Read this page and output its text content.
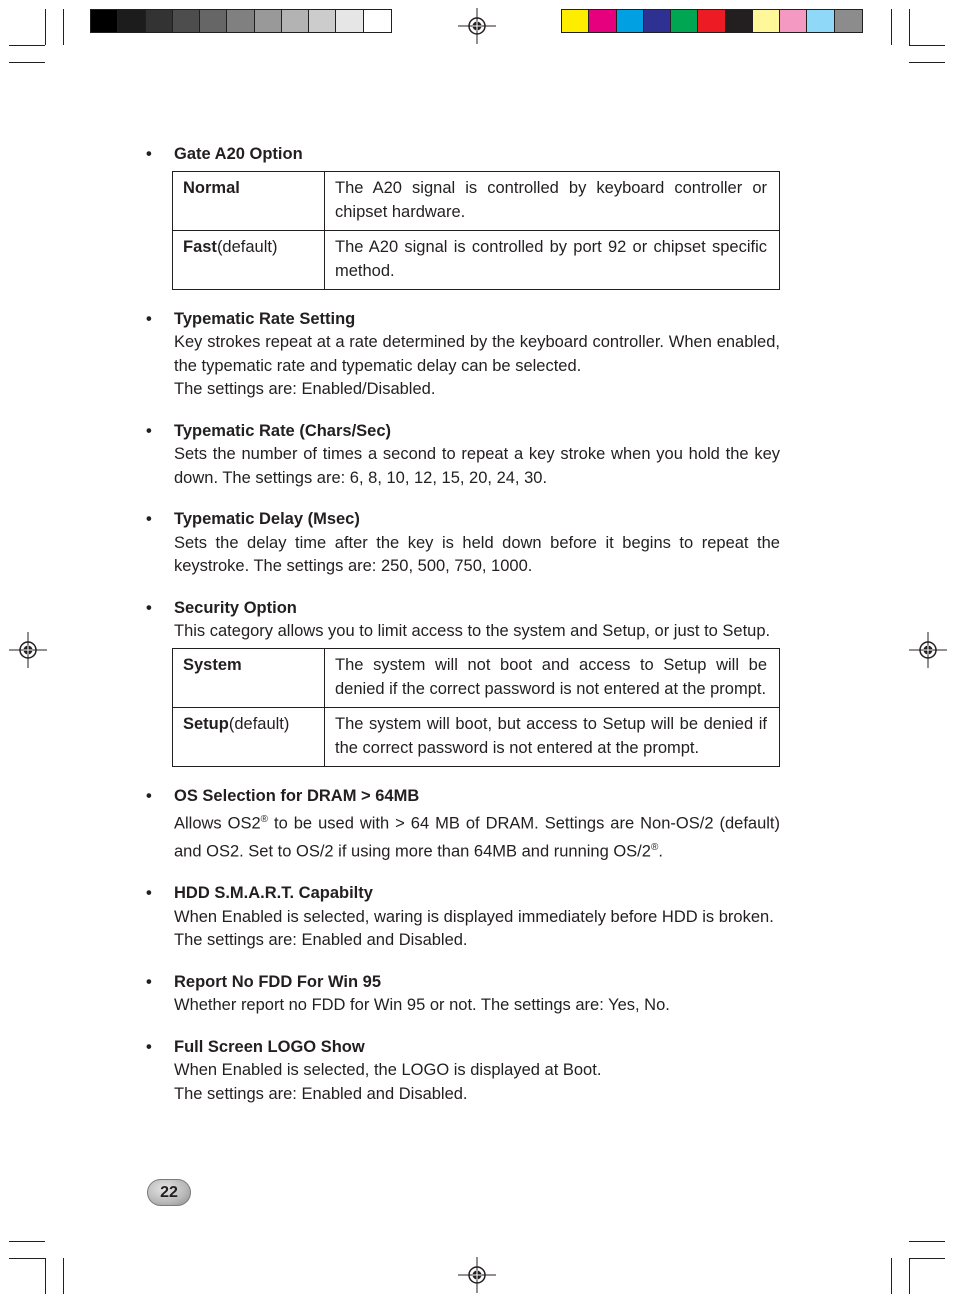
• Gate A20 Option
Normal	The A20 signal is controlled by keyboard controller or chipset hardware.
Fast(default)	The A20 signal is controlled by port 92 or chipset specific method.
• Typematic Rate Setting

Key strokes repeat at a rate determined by the keyboard controller. When enabled, the typematic rate and typematic delay can be selected.

The settings are: Enabled/Disabled.

• Typematic Rate (Chars/Sec)

Sets the number of times a second to repeat a key stroke when you hold the key down. The settings are: 6, 8, 10, 12, 15, 20, 24, 30.

• Typematic Delay (Msec)

Sets the delay time after the key is held down before it begins to repeat the keystroke. The settings are: 250, 500, 750, 1000.

• Security Option

This category allows you to limit access to the system and Setup, or just to Setup.

System	The system will not boot and access to Setup will be denied if the correct password is not entered at the prompt.
Setup(default)	The system will boot, but access to Setup will be denied if the correct password is not entered at the prompt.
• OS Selection for DRAM > 64MB

Allows OS2® to be used with > 64 MB of DRAM. Settings are Non-OS/2 (default) and OS2. Set to OS/2 if using more than 64MB and running OS/2®.

• HDD S.M.A.R.T. Capabilty

When Enabled is selected, waring is displayed immediately before HDD is broken.

The settings are: Enabled and Disabled.

• Report No FDD For Win 95

Whether report no FDD for Win 95 or not. The settings are: Yes, No.

• Full Screen LOGO Show

When Enabled is selected, the LOGO is displayed at Boot.

The settings are: Enabled and Disabled.

22
